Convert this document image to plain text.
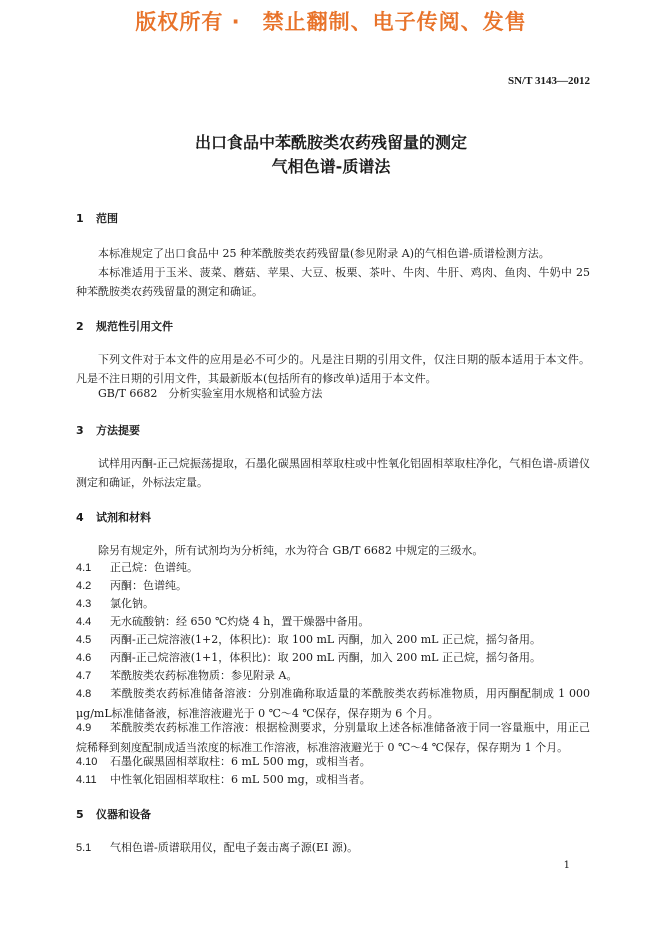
版权所有 ·　禁止翻制、电子传阅、发售
SN/T 3143—2012
出口食品中苯酰胺类农药残留量的测定
气相色谱-质谱法
1 范围
本标准规定了出口食品中 25 种苯酰胺类农药残留量(参见附录 A)的气相色谱-质谱检测方法。
本标准适用于玉米、菠菜、蘑菇、苹果、大豆、板栗、茶叶、牛肉、牛肝、鸡肉、鱼肉、牛奶中 25 种苯酰胺类农药残留量的测定和确证。
2 规范性引用文件
下列文件对于本文件的应用是必不可少的。凡是注日期的引用文件，仅注日期的版本适用于本文件。凡是不注日期的引用文件，其最新版本(包括所有的修改单)适用于本文件。
GB/T 6682　分析实验室用水规格和试验方法
3 方法提要
试样用丙酮-正己烷振荡提取，石墨化碳黑固相萃取柱或中性氧化铝固相萃取柱净化，气相色谱-质谱仪测定和确证，外标法定量。
4 试剂和材料
除另有规定外，所有试剂均为分析纯，水为符合 GB/T 6682 中规定的三级水。
4.1 正己烷：色谱纯。
4.2 丙酮：色谱纯。
4.3 氯化钠。
4.4 无水硫酸钠：经 650 ℃灼烧 4 h，置干燥器中备用。
4.5 丙酮-正己烷溶液(1+2，体积比)：取 100 mL 丙酮，加入 200 mL 正己烷，摇匀备用。
4.6 丙酮-正己烷溶液(1+1，体积比)：取 200 mL 丙酮，加入 200 mL 正己烷，摇匀备用。
4.7 苯酰胺类农药标准物质：参见附录 A。
4.8 苯酰胺类农药标准储备溶液：分别准确称取适量的苯酰胺类农药标准物质，用丙酮配制成 1 000 μg/mL标准储备液，标准溶液避光于 0 ℃～4 ℃保存，保存期为 6 个月。
4.9 苯酰胺类农药标准工作溶液：根据检测要求，分别量取上述各标准储备液于同一容量瓶中，用正己烷稀释到刻度配制成适当浓度的标准工作溶液，标准溶液避光于 0 ℃～4 ℃保存，保存期为 1 个月。
4.10 石墨化碳黑固相萃取柱：6 mL 500 mg，或相当者。
4.11 中性氧化铝固相萃取柱：6 mL 500 mg，或相当者。
5 仪器和设备
5.1 气相色谱-质谱联用仪，配电子轰击离子源(EI 源)。
1
